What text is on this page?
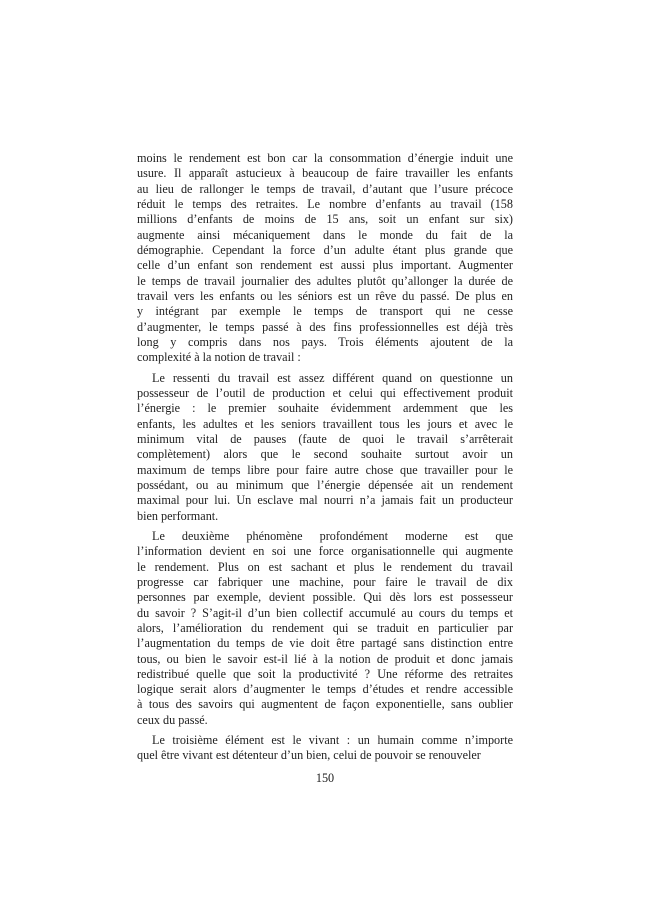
moins le rendement est bon car la consommation d’énergie induit une
usure. Il apparaît astucieux à beaucoup de faire travailler les enfants
au lieu de rallonger le temps de travail, d’autant que l’usure précoce
réduit le temps des retraites. Le nombre d’enfants au travail (158
millions d’enfants de moins de 15 ans, soit un enfant sur six)
augmente ainsi mécaniquement dans le monde du fait de la
démographie. Cependant la force d’un adulte étant plus grande que
celle d’un enfant son rendement est aussi plus important. Augmenter
le temps de travail journalier des adultes plutôt qu’allonger la durée de
travail vers les enfants ou les séniors est un rêve du passé. De plus en
y intégrant par exemple le temps de transport qui ne cesse
d’augmenter, le temps passé à des fins professionnelles est déjà très
long y compris dans nos pays. Trois éléments ajoutent de la
complexité à la notion de travail :

Le ressenti du travail est assez différent quand on questionne un
possesseur de l’outil de production et celui qui effectivement produit
l’énergie : le premier souhaite évidemment ardemment que les
enfants, les adultes et les seniors travaillent tous les jours et avec le
minimum vital de pauses (faute de quoi le travail s’arrêterait
complètement) alors que le second souhaite surtout avoir un
maximum de temps libre pour faire autre chose que travailler pour le
possédant, ou au minimum que l’énergie dépensée ait un rendement
maximal pour lui. Un esclave mal nourri n’a jamais fait un producteur
bien performant.

Le deuxième phénomène profondément moderne est que
l’information devient en soi une force organisationnelle qui augmente
le rendement. Plus on est sachant et plus le rendement du travail
progresse car fabriquer une machine, pour faire le travail de dix
personnes par exemple, devient possible. Qui dès lors est possesseur
du savoir ? S’agit-il d’un bien collectif accumulé au cours du temps et
alors, l’amélioration du rendement qui se traduit en particulier par
l’augmentation du temps de vie doit être partagé sans distinction entre
tous, ou bien le savoir est-il lié à la notion de produit et donc jamais
redistribué quelle que soit la productivité ? Une réforme des retraites
logique serait alors d’augmenter le temps d’études et rendre accessible
à tous des savoirs qui augmentent de façon exponentielle, sans oublier
ceux du passé.

Le troisième élément est le vivant : un humain comme n’importe
quel être vivant est détenteur d’un bien, celui de pouvoir se renouveler

150
